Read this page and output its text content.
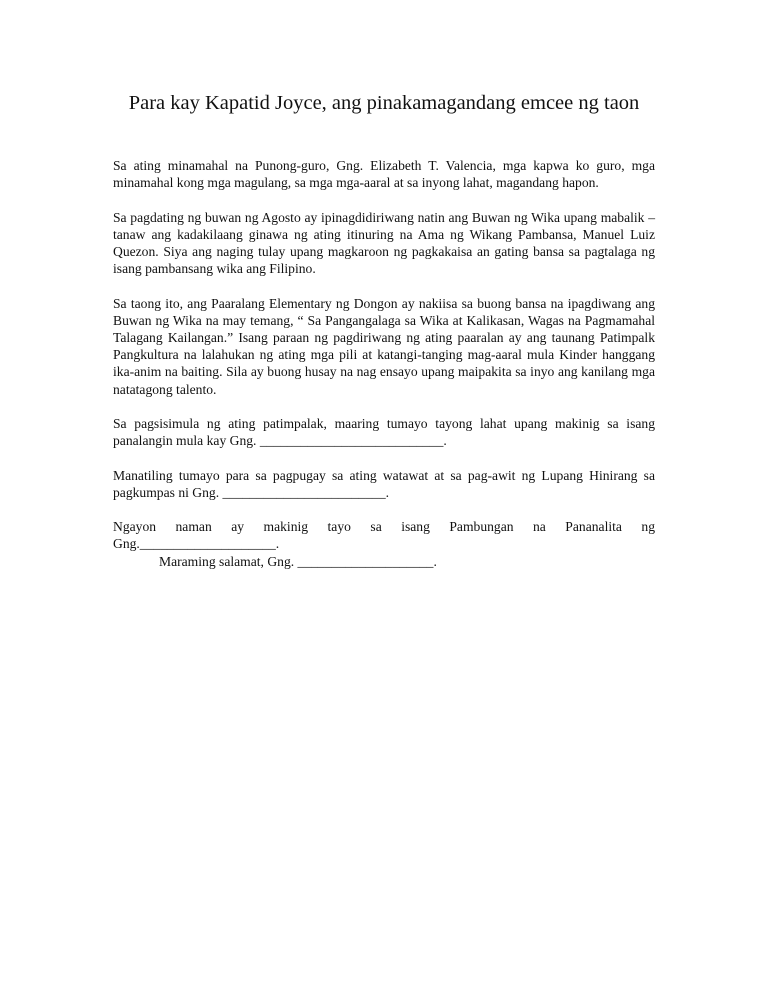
Para kay Kapatid Joyce, ang pinakamagandang emcee ng taon

Sa ating minamahal na Punong-guro, Gng. Elizabeth T. Valencia, mga kapwa ko guro, mga minamahal kong mga magulang, sa mga mga-aaral at sa inyong lahat, magandang hapon.

Sa pagdating ng buwan ng Agosto ay ipinagdidiriwang natin ang Buwan ng Wika upang mabalik – tanaw ang kadakilaang ginawa ng ating itinuring na Ama ng Wikang Pambansa, Manuel Luiz Quezon. Siya ang naging tulay upang magkaroon ng pagkakaisa an gating bansa sa pagtalaga ng isang pambansang wika ang Filipino.

Sa taong ito, ang Paaralang Elementary ng Dongon ay nakiisa sa buong bansa na ipagdiwang ang Buwan ng Wika na may temang, “ Sa Pangangalaga sa Wika at Kalikasan, Wagas na Pagmamahal Talagang Kailangan.” Isang paraan ng pagdiriwang ng ating paaralan ay ang taunang Patimpalk Pangkultura na lalahukan ng ating mga pili at katangi-tanging mag-aaral mula Kinder hanggang ika-anim na baiting. Sila ay buong husay na nag ensayo upang maipakita sa inyo ang kanilang mga natatagong talento.

Sa pagsisimula ng ating patimpalak, maaring tumayo tayong lahat upang makinig sa isang panalangin mula kay Gng. ___________________________.

Manatiling tumayo para sa pagpugay sa ating watawat at sa pag-awit ng Lupang Hinirang sa pagkumpas ni Gng. ________________________.

Ngayon naman ay makinig tayo sa isang Pambungan na Pananalita ng Gng.____________________.

Maraming salamat, Gng. ____________________.
